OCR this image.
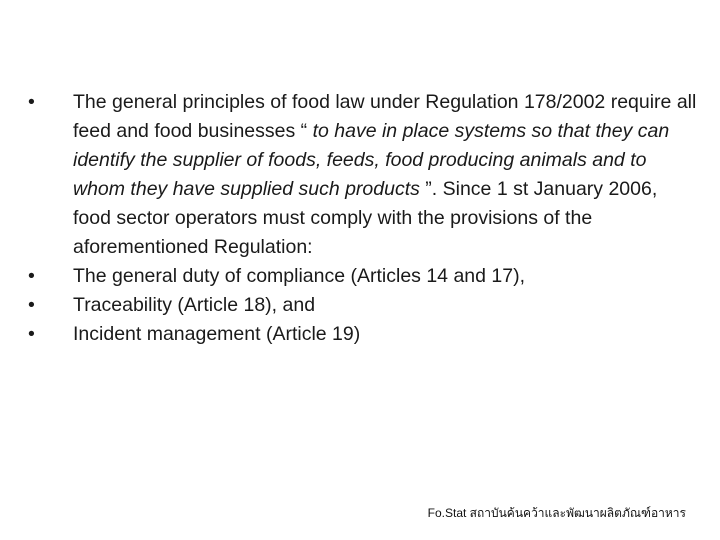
•	The general principles of food law under Regulation 178/2002 require all feed and food businesses “ to have in place systems so that they can identify the supplier of foods, feeds, food producing animals and to whom they have supplied such products ”. Since 1 st January 2006, food sector operators must comply with the provisions of the aforementioned Regulation:
•	The general duty of compliance (Articles 14 and 17),
•	Traceability (Article 18), and
•	Incident management (Article 19)
Fo.Stat สถาบันค้นคว้าและพัฒนาผลิตภัณฑ์อาหาร
